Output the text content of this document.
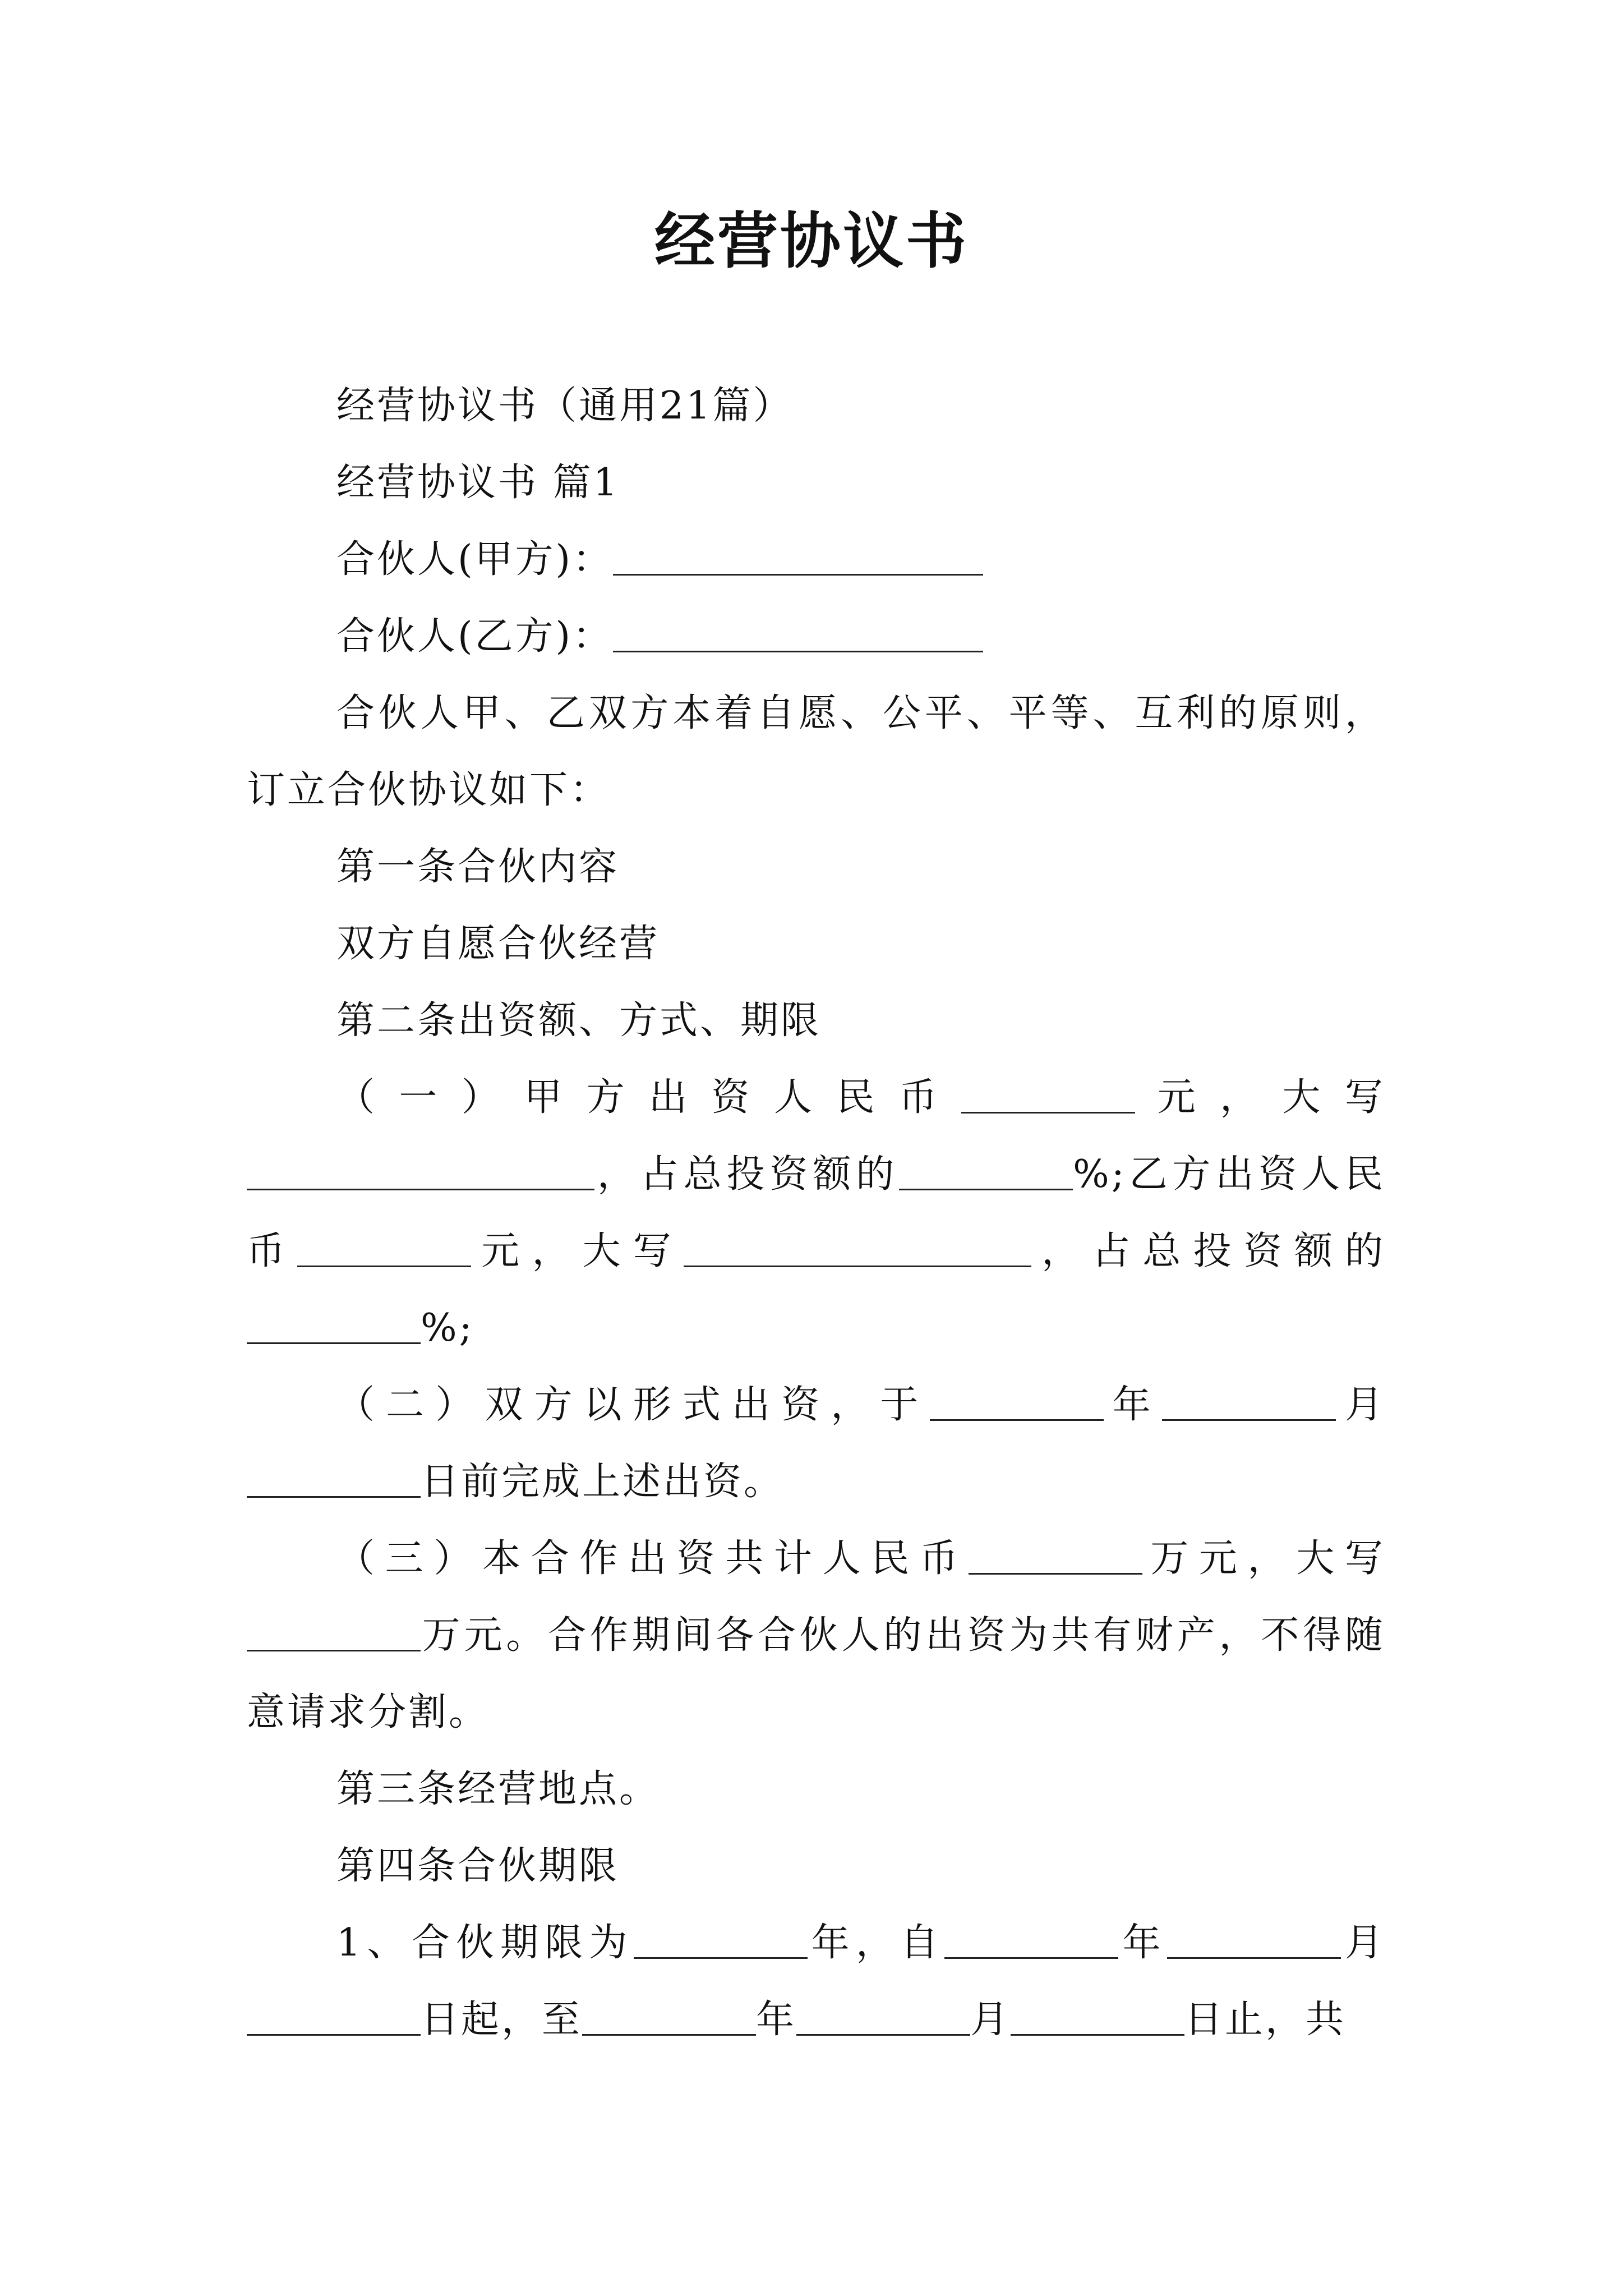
经营协议书

经营协议书（通用21篇）

经营协议书 篇1

合伙人(甲方)：

合伙人(乙方)：

合伙人甲、乙双方本着自愿、公平、平等、互利的原则，订立合伙协议如下：

第一条合伙内容

双方自愿合伙经营

第二条出资额、方式、期限

（一）甲方出资人民币	元，大写，占总投资额的	%;乙方出资人民币	元，大写	，占总投资额的%;

（二）双方以形式出资，于	年	月日前完成上述出资。

（三）本合作出资共计人民币	万元，大写万元。合作期间各合伙人的出资为共有财产，不得随意请求分割。

第三条经营地点。

第四条合伙期限

1、合伙期限为	年，自	年	月日起，至	年	月	日止，共
